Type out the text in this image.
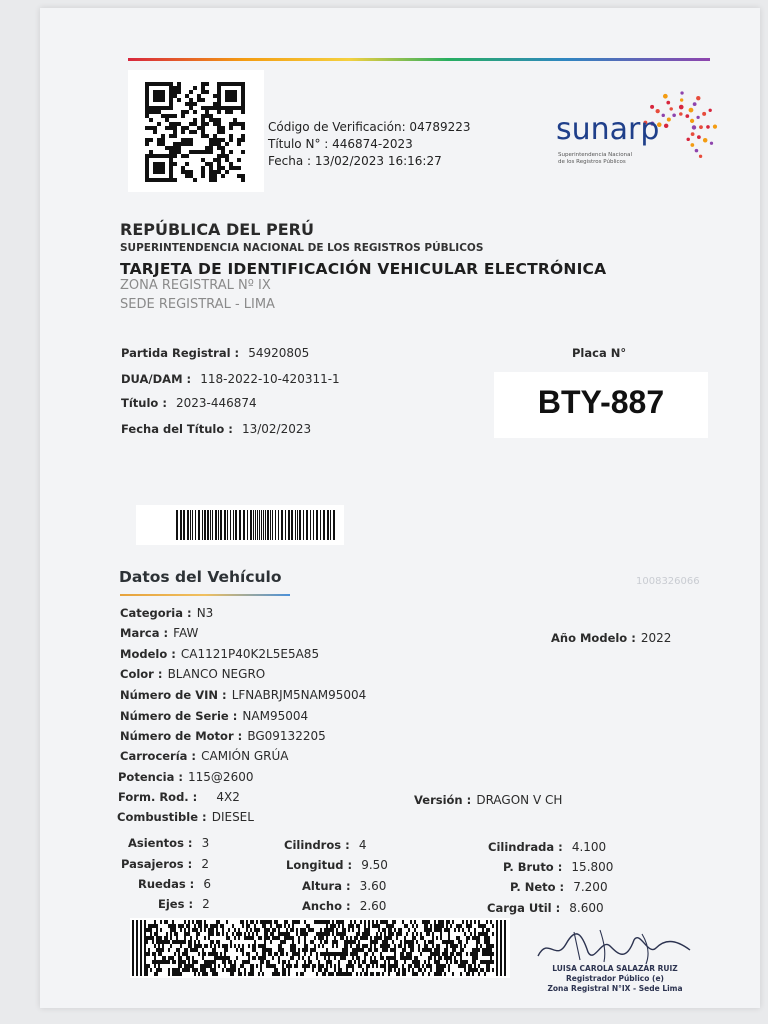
Código de Verificación: 04789223
Título N° : 446874-2023
Fecha : 13/02/2023 16:16:27
sunarp
Superintendencia Nacional
de los Registros Públicos
REPÚBLICA DEL PERÚ
SUPERINTENDENCIA NACIONAL DE LOS REGISTROS PÚBLICOS
TARJETA DE IDENTIFICACIÓN VEHICULAR ELECTRÓNICA
ZONA REGISTRAL Nº IX
SEDE REGISTRAL - LIMA
Partida Registral : 54920805
DUA/DAM : 118-2022-10-420311-1
Título : 2023-446874
Fecha del Título : 13/02/2023
Placa N°
BTY-887
Datos del Vehículo	1008326066
Categoria : N3
Marca : FAW	Año Modelo : 2022
Modelo : CA1121P40K2L5E5A85
Color : BLANCO NEGRO
Número de VIN : LFNABRJM5NAM95004
Número de Serie : NAM95004
Número de Motor : BG09132205
Carrocería : CAMIÓN GRÚA
Potencia : 115@2600
Form. Rod. : 4X2	Versión : DRAGON V CH
Combustible : DIESEL
Asientos : 3
Pasajeros : 2
Ruedas : 6
Ejes : 2
Cilindros : 4
Longitud : 9.50
Altura : 3.60
Ancho : 2.60
Cilindrada : 4.100
P. Bruto : 15.800
P. Neto : 7.200
Carga Util : 8.600
LUISA CAROLA SALAZAR RUIZ
Registrador Público (e)
Zona Registral N°IX - Sede Lima
